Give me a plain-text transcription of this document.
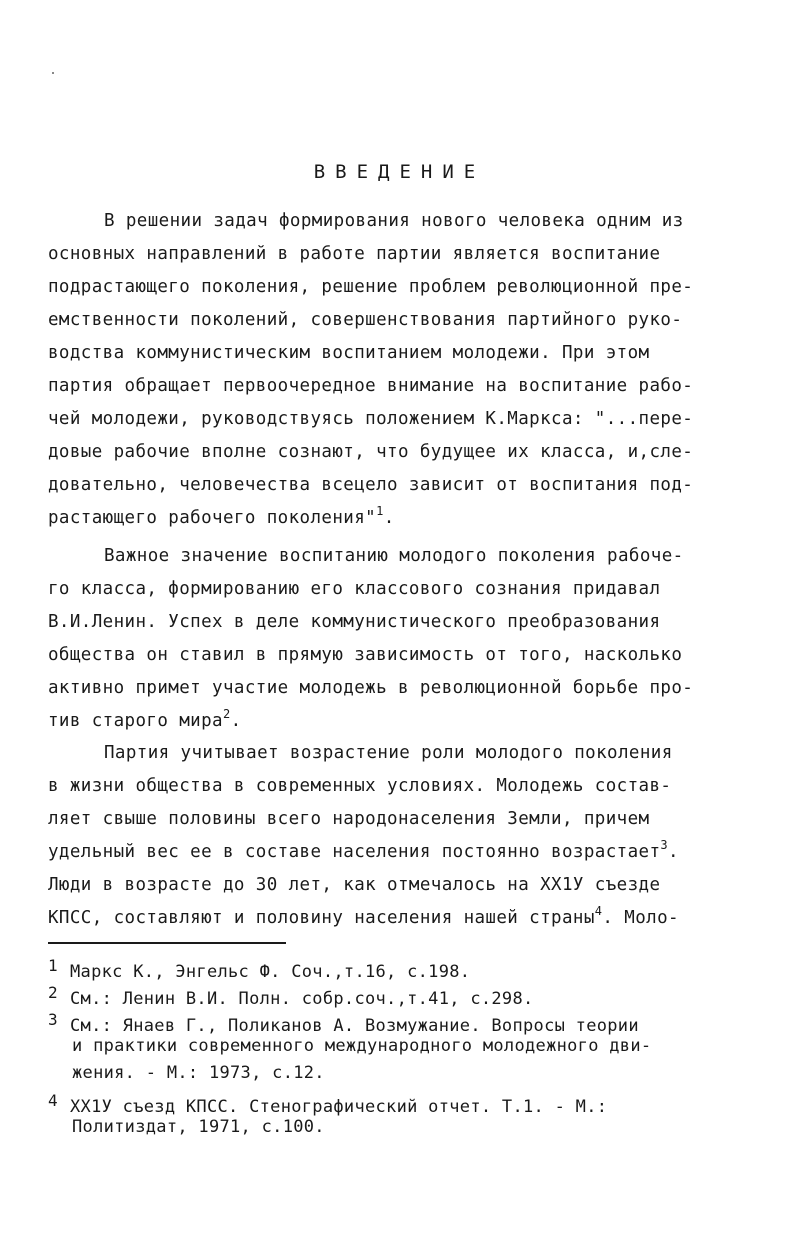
ВВЕДЕНИЕ
В решении задач формирования нового человека одним из
основных направлений в работе партии является воспитание
подрастающего поколения, решение проблем революционной пре-
емственности поколений, совершенствования партийного руко-
водства коммунистическим воспитанием молодежи. При этом
партия обращает первоочередное внимание на воспитание рабо-
чей молодежи, руководствуясь положением К.Маркса: "...пере-
довые рабочие вполне сознают, что будущее их класса, и,сле-
довательно, человечества всецело зависит от воспитания под-
растающего рабочего поколения"$^1$.
Важное значение воспитанию молодого поколения рабоче-
го класса, формированию его классового сознания придавал
В.И.Ленин. Успех в деле коммунистического преобразования
общества он ставил в прямую зависимость от того, насколько
активно примет участие молодежь в революционной борьбе про-
тив старого мира$^2$.
Партия учитывает возрастение роли молодого поколения
в жизни общества в современных условиях. Молодежь состав-
ляет свыше половины всего народонаселения Земли, причем
удельный вес ее в составе населения постоянно возрастает$^3$.
Люди в возрасте до 30 лет, как отмечалось на ХХ1У съезде
КПСС, составляют и половину населения нашей страны$^4$. Моло-
1 Маркс К., Энгельс Ф. Соч.,т.16, с.198.
2 См.: Ленин В.И. Полн. собр.соч.,т.41, с.298.
3 См.: Янаев Г., Поликанов А. Возмужание. Вопросы теории
и практики современного международного молодежного дви-
жения. - М.: 1973, с.12.
4 ХХ1У съезд КПСС. Стенографический отчет. Т.1. - М.:
Политиздат, 1971, с.100.
